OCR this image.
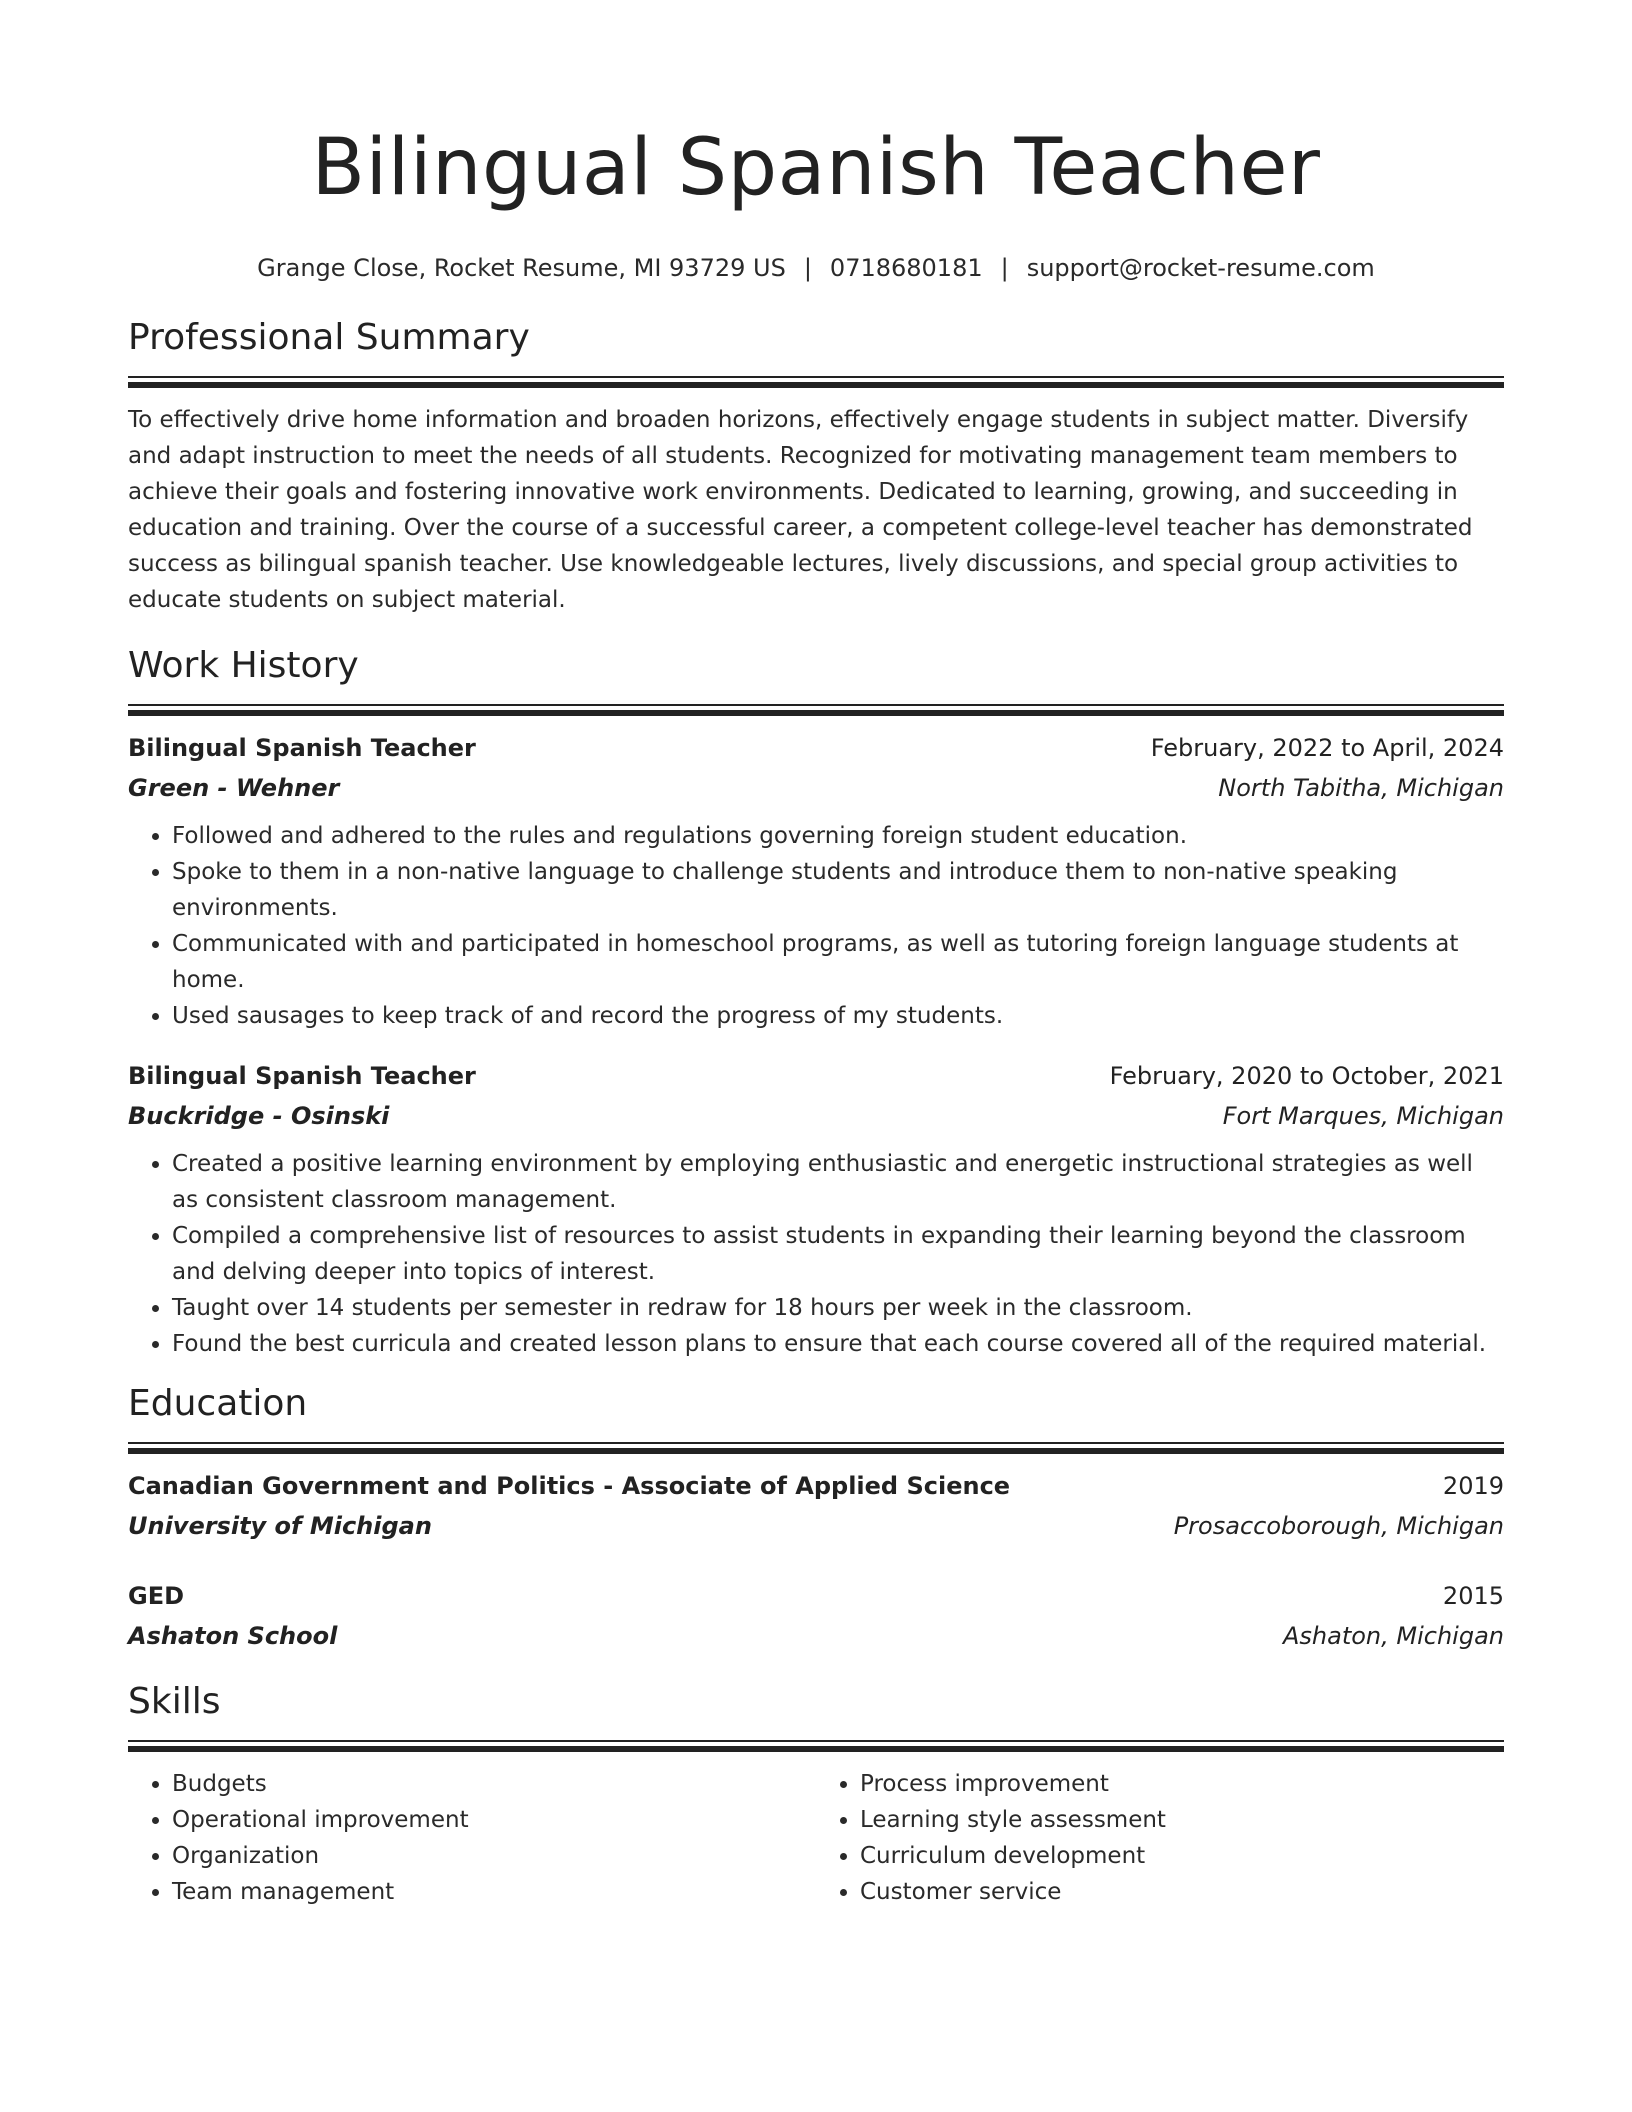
Bilingual Spanish Teacher
Grange Close, Rocket Resume, MI 93729 US | 0718680181 | support@rocket-resume.com
Professional Summary
To effectively drive home information and broaden horizons, effectively engage students in subject matter. Diversify and adapt instruction to meet the needs of all students. Recognized for motivating management team members to achieve their goals and fostering innovative work environments. Dedicated to learning, growing, and succeeding in education and training. Over the course of a successful career, a competent college-level teacher has demonstrated success as bilingual spanish teacher. Use knowledgeable lectures, lively discussions, and special group activities to educate students on subject material.
Work History
Bilingual Spanish Teacher	February, 2022 to April, 2024
Green - Wehner	North Tabitha, Michigan
• Followed and adhered to the rules and regulations governing foreign student education.
• Spoke to them in a non-native language to challenge students and introduce them to non-native speaking environments.
• Communicated with and participated in homeschool programs, as well as tutoring foreign language students at home.
• Used sausages to keep track of and record the progress of my students.
Bilingual Spanish Teacher	February, 2020 to October, 2021
Buckridge - Osinski	Fort Marques, Michigan
• Created a positive learning environment by employing enthusiastic and energetic instructional strategies as well as consistent classroom management.
• Compiled a comprehensive list of resources to assist students in expanding their learning beyond the classroom and delving deeper into topics of interest.
• Taught over 14 students per semester in redraw for 18 hours per week in the classroom.
• Found the best curricula and created lesson plans to ensure that each course covered all of the required material.
Education
Canadian Government and Politics - Associate of Applied Science	2019
University of Michigan	Prosaccoborough, Michigan
GED	2015
Ashaton School	Ashaton, Michigan
Skills
• Budgets
• Operational improvement
• Organization
• Team management
• Process improvement
• Learning style assessment
• Curriculum development
• Customer service
